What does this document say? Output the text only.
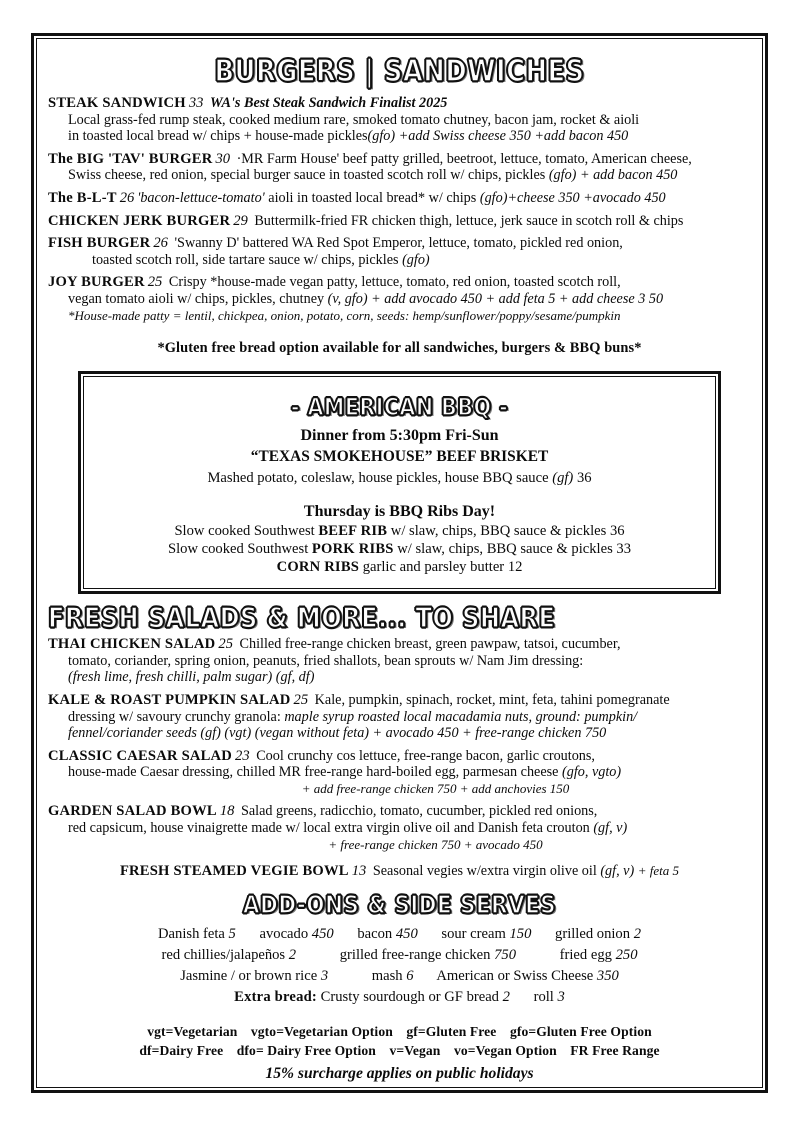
BURGERS | SANDWICHES

STEAK SANDWICH 33 WA's Best Steak Sandwich Finalist 2025

Local grass-fed rump steak, cooked medium rare, smoked tomato chutney, bacon jam, rocket & aioli

in toasted local bread w/ chips + house-made pickles(gfo) +add Swiss cheese 350 +add bacon 450

The BIG 'TAV' BURGER 30 ·MR Farm House' beef patty grilled, beetroot, lettuce, tomato, American cheese,

Swiss cheese, red onion, special burger sauce in toasted scotch roll w/ chips, pickles (gfo) + add bacon 450

The B-L-T 26 'bacon-lettuce-tomato' aioli in toasted local bread* w/ chips (gfo)+cheese 350 +avocado 450

CHICKEN JERK BURGER 29 Buttermilk-fried FR chicken thigh, lettuce, jerk sauce in scotch roll & chips

FISH BURGER 26 'Swanny D' battered WA Red Spot Emperor, lettuce, tomato, pickled red onion,

toasted scotch roll, side tartare sauce w/ chips, pickles (gfo)

JOY BURGER 25 Crispy *house-made vegan patty, lettuce, tomato, red onion, toasted scotch roll,

vegan tomato aioli w/ chips, pickles, chutney (v, gfo) + add avocado 450 + add feta 5 + add cheese 3 50

*House-made patty = lentil, chickpea, onion, potato, corn, seeds: hemp/sunflower/poppy/sesame/pumpkin

*Gluten free bread option available for all sandwiches, burgers & BBQ buns*

- AMERICAN BBQ -

Dinner from 5:30pm Fri-Sun

“TEXAS SMOKEHOUSE” BEEF BRISKET

Mashed potato, coleslaw, house pickles, house BBQ sauce (gf) 36

Thursday is BBQ Ribs Day!

Slow cooked Southwest BEEF RIB w/ slaw, chips, BBQ sauce & pickles 36

Slow cooked Southwest PORK RIBS w/ slaw, chips, BBQ sauce & pickles 33

CORN RIBS garlic and parsley butter 12

FRESH SALADS & MORE... TO SHARE

THAI CHICKEN SALAD 25 Chilled free-range chicken breast, green pawpaw, tatsoi, cucumber,

tomato, coriander, spring onion, peanuts, fried shallots, bean sprouts w/ Nam Jim dressing:

(fresh lime, fresh chilli, palm sugar) (gf, df)

KALE & ROAST PUMPKIN SALAD 25 Kale, pumpkin, spinach, rocket, mint, feta, tahini pomegranate

dressing w/ savoury crunchy granola: maple syrup roasted local macadamia nuts, ground: pumpkin/

fennel/coriander seeds (gf) (vgt) (vegan without feta) + avocado 450 + free-range chicken 750

CLASSIC CAESAR SALAD 23 Cool crunchy cos lettuce, free-range bacon, garlic croutons,

house-made Caesar dressing, chilled MR free-range hard-boiled egg, parmesan cheese (gfo, vgto)

+ add free-range chicken 750 + add anchovies 150

GARDEN SALAD BOWL 18 Salad greens, radicchio, tomato, cucumber, pickled red onions,

red capsicum, house vinaigrette made w/ local extra virgin olive oil and Danish feta crouton (gf, v)

+ free-range chicken 750 + avocado 450

FRESH STEAMED VEGIE BOWL 13 Seasonal vegies w/extra virgin olive oil (gf, v) + feta 5

ADD-ONS & SIDE SERVES

Danish feta 5 avocado 450 bacon 450 sour cream 150 grilled onion 2

red chillies/jalapeños 2	grilled free-range chicken 750	fried egg 250

Jasmine / or brown rice 3	mash 6 American or Swiss Cheese 350

Extra bread: Crusty sourdough or GF bread 2 roll 3

vgt=Vegetarian vgto=Vegetarian Option gf=Gluten Free gfo=Gluten Free Option

df=Dairy Free dfo= Dairy Free Option v=Vegan vo=Vegan Option FR Free Range

15% surcharge applies on public holidays
